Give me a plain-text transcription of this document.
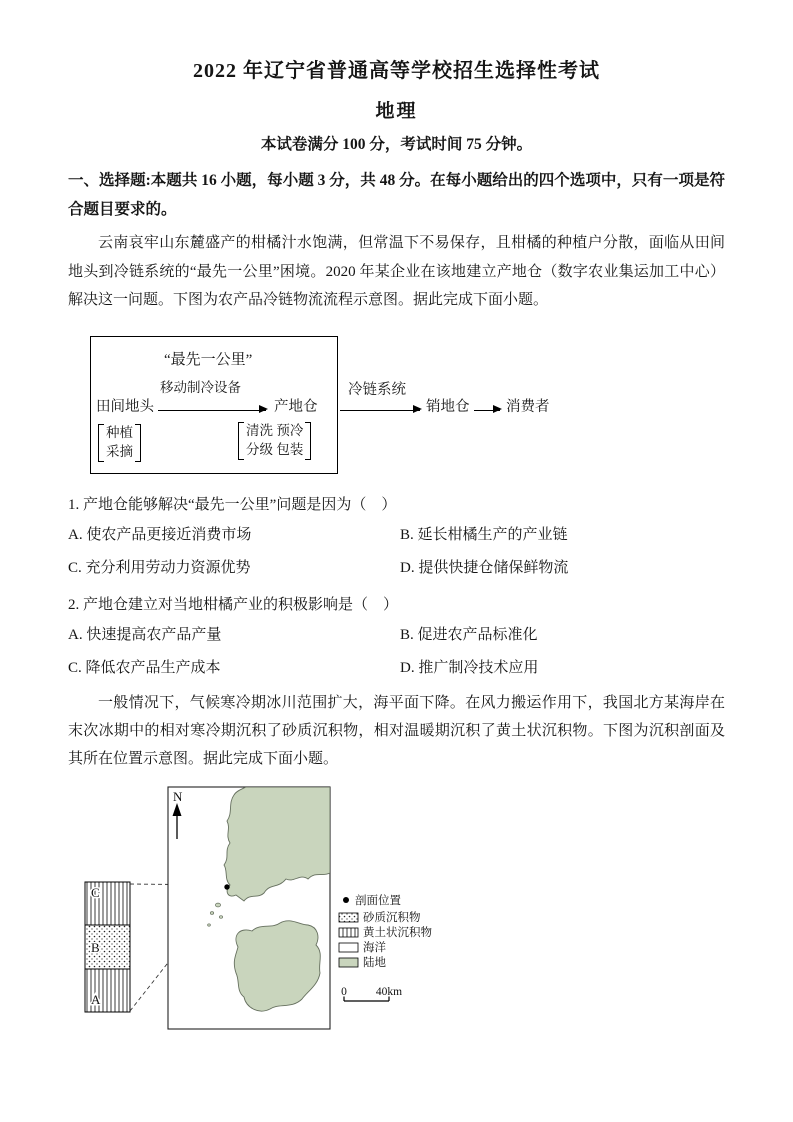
2022 年辽宁省普通高等学校招生选择性考试
地理
本试卷满分 100 分，考试时间 75 分钟。
一、选择题:本题共 16 小题，每小题 3 分，共 48 分。在每小题给出的四个选项中，只有一项是符合题目要求的。
云南哀牢山东麓盛产的柑橘汁水饱满，但常温下不易保存，且柑橘的种植户分散，面临从田间地头到冷链系统的“最先一公里”困境。2020 年某企业在该地建立产地仓（数字农业集运加工中心）解决这一问题。下图为农产品冷链物流流程示意图。据此完成下面小题。
“最先一公里”
田间地头
移动制冷设备
产地仓
种植
采摘
清洗 预冷
分级 包装
冷链系统
销地仓	消费者
1. 产地仓能够解决“最先一公里”问题是因为（　）
A. 使农产品更接近消费市场	B. 延长柑橘生产的产业链
C. 充分利用劳动力资源优势	D. 提供快捷仓储保鲜物流
2. 产地仓建立对当地柑橘产业的积极影响是（　）
A. 快速提高农产品产量	B. 促进农产品标准化
C. 降低农产品生产成本	D. 推广制冷技术应用
一般情况下，气候寒冷期冰川范围扩大，海平面下降。在风力搬运作用下，我国北方某海岸在末次冰期中的相对寒冷期沉积了砂质沉积物，相对温暖期沉积了黄土状沉积物。下图为沉积剖面及其所在位置示意图。据此完成下面小题。
C
B
A
N
剖面位置
砂质沉积物
黄土状沉积物
海洋
陆地
0	40km
